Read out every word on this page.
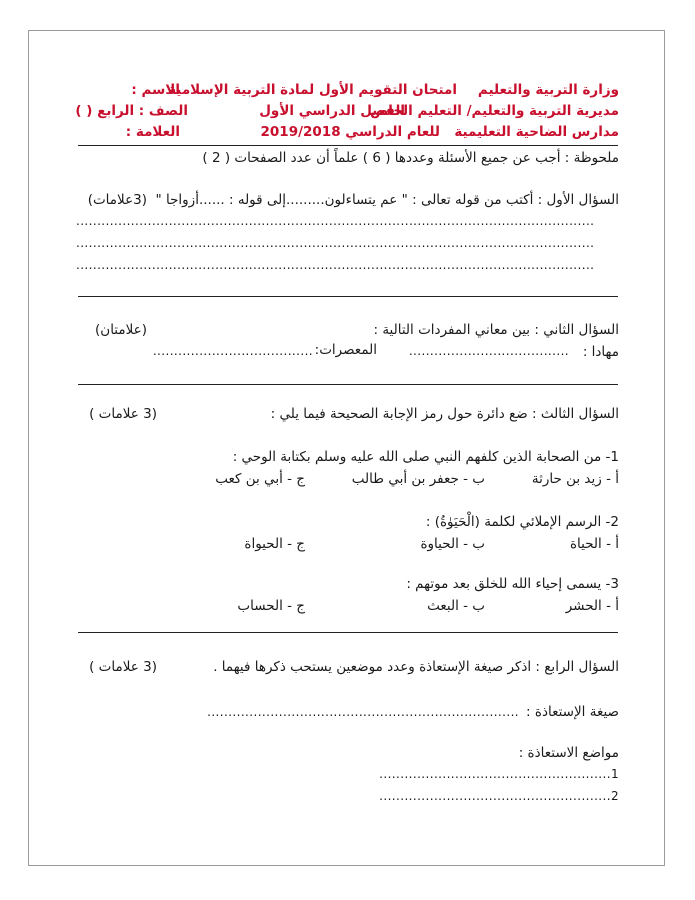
وزارة التربية والتعليم
امتحان التقويم الأول لمادة التربية الإسلامية
الاسم :
مديرية التربية والتعليم/ التعليم الخاص
الفصل الدراسي الأول
الصف : الرابع ( )
مدارس الضاحية التعليمية
للعام الدراسي 2019/2018
العلامة :
ملحوظة : أجب عن جميع الأسئلة وعددها ( 6 ) علماً أن عدد الصفحات ( 2 )
السؤال الأول : أكتب من قوله تعالى : " عم يتساءلون.........إلى قوله : ......أزواجا "
(3علامات)
...........................................................................................................................
...........................................................................................................................
...........................................................................................................................
السؤال الثاني : بين معاني المفردات التالية :
(علامتان)
مهادا :
......................................
المعصرات:
......................................
السؤال الثالث : ضع دائرة حول رمز الإجابة الصحيحة فيما يلي :
(3 علامات )
1- من الصحابة الذين كلفهم النبي صلى الله عليه وسلم بكتابة الوحي :
أ - زيد بن حارثة
ب - جعفر بن أبي طالب
ج - أبي بن كعب
2- الرسم الإملائي لكلمة (الْحَيَوٰةُ) :
أ - الحياة
ب - الحياوة
ج - الحيواة
3- يسمى إحياء الله للخلق بعد موتهم :
أ - الحشر
ب - البعث
ج - الحساب
السؤال الرابع : اذكر صيغة الإستعاذة وعدد موضعين يستحب ذكرها فيهما .
(3 علامات )
صيغة الإستعاذة :
..........................................................................
مواضع الاستعاذة :
1.......................................................
2.......................................................
